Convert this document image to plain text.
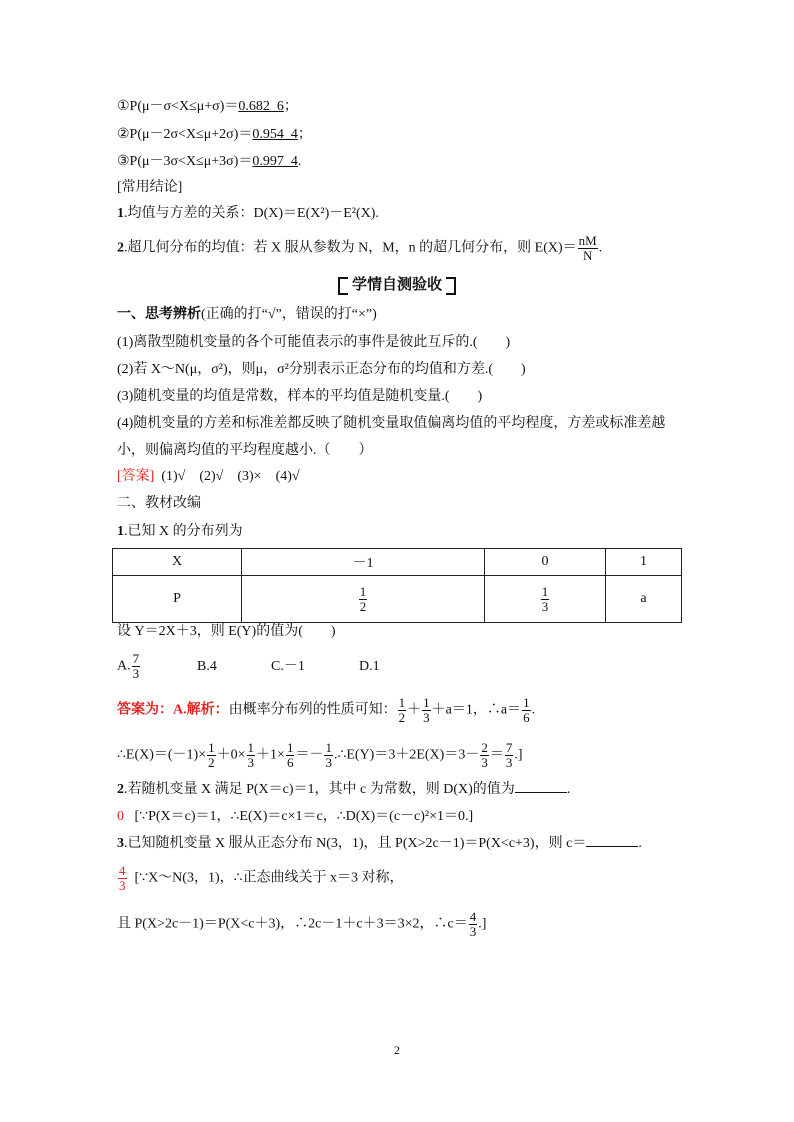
①P(μ－σ<X≤μ+σ)＝0.682_6；
②P(μ－2σ<X≤μ+2σ)＝0.954_4；
③P(μ－3σ<X≤μ+3σ)＝0.997_4.
[常用结论]
1.均值与方差的关系：D(X)＝E(X²)－E²(X).
2.超几何分布的均值：若 X 服从参数为 N，M，n 的超几何分布，则 $E(X)= \frac{nM}{N}$ .
学情自测验收
一、思考辨析(正确的打“√”，错误的打“×”)
(1)离散型随机变量的各个可能值表示的事件是彼此互斥的.(　　)
(2)若 X～N(μ，σ²)，则μ，σ²分别表示正态分布的均值和方差.(　　)
(3)随机变量的均值是常数，样本的平均值是随机变量.(　　)
(4)随机变量的方差和标准差都反映了随机变量取值偏离均值的平均程度，方差或标准差越
小，则偏离均值的平均程度越小.（　　）
[答案] (1)√　(2)√　(3)×　(4)√
二、教材改编
1.已知 X 的分布列为
X	－1	0	1
P	$\frac{1}{2}$	$\frac{1}{3}$	a
设 Y＝2X＋3，则 E(Y)的值为(　　)
A. $\frac{7}{3}$	B.4	C.－1	D.1
答案为：A.解析：由概率分布列的性质可知： $\frac{1}{2} + \frac{1}{3} +a=1$，∴a＝ $\frac{1}{6}$ .
∴E(X)＝(－1)× $\frac{1}{2} +0\times \frac{1}{3} +1\times \frac{1}{6} =- \frac{1}{3}$ .∴E(Y)＝3＋2E(X)＝3－ $\frac{2}{3} = \frac{7}{3}$ .]
2.若随机变量 X 满足 P(X＝c)＝1，其中 c 为常数，则 D(X)的值为	.
0 [∵P(X＝c)＝1，∴E(X)＝c×1＝c，∴D(X)＝(c－c)²×1＝0.]
3.已知随机变量 X 服从正态分布 N(3，1)，且 P(X>2c－1)＝P(X<c+3)，则 c＝	.
$\frac{4}{3}$ [∵X～N(3，1)，∴正态曲线关于 x＝3 对称，
且 P(X>2c－1)＝P(X<c＋3)，∴2c－1＋c＋3＝3×2，∴c＝ $\frac{4}{3}$ .]
2
